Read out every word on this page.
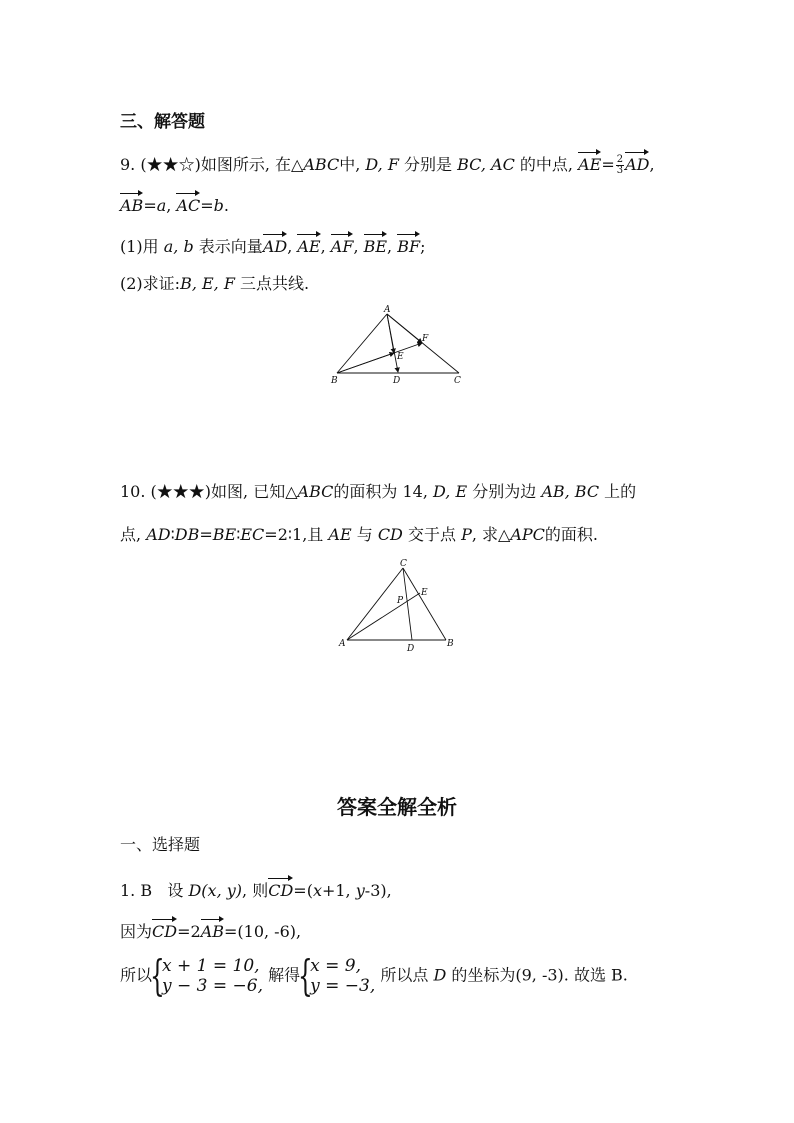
三、解答题
9. (★★☆)如图所示, 在△ABC中, D, F 分别是 BC, AC 的中点, $AE= \frac{2}{3}$ AD,
AB=a, AC=b.
(1)用 a, b 表示向量AD, AE, AF, BE, BF;
(2)求证:B, E, F 三点共线.
A
B	C
D
E
F
10. (★★★)如图, 已知△ABC的面积为 14, D, E 分别为边 AB, BC 上的
点, AD∶DB=BE∶EC=2∶1,且 AE 与 CD 交于点 P, 求△APC的面积.
C
A	B
D
E
P
答案全解全析
一、选择题
1. B 设 D(x, y), 则CD=(x+1, y-3),
因为CD=2AB=(10, -6),
所以
{
x + 1 = 10,
y − 3 = −6,
解得
{
x = 9,
y = −3,
所以点 D 的坐标为(9, -3). 故选 B.
